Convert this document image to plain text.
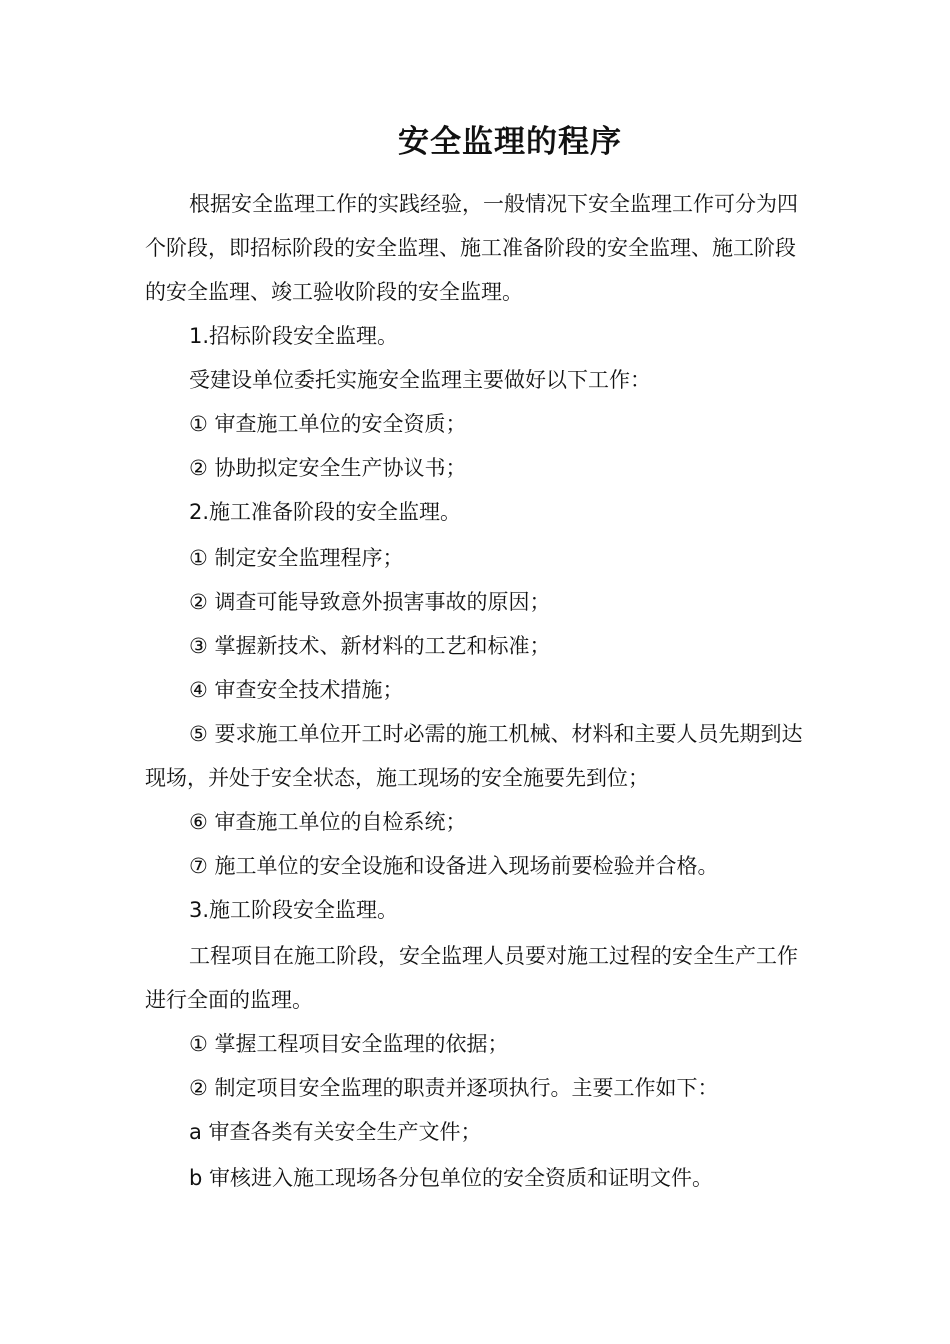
安全监理的程序

根据安全监理工作的实践经验，一般情况下安全监理工作可分为四个阶段，即招标阶段的安全监理、施工准备阶段的安全监理、施工阶段的安全监理、竣工验收阶段的安全监理。

1.招标阶段安全监理。

受建设单位委托实施安全监理主要做好以下工作：

① 审查施工单位的安全资质；

② 协助拟定安全生产协议书；

2.施工准备阶段的安全监理。

① 制定安全监理程序；

② 调查可能导致意外损害事故的原因；

③ 掌握新技术、新材料的工艺和标准；

④ 审查安全技术措施；

⑤ 要求施工单位开工时必需的施工机械、材料和主要人员先期到达现场，并处于安全状态，施工现场的安全施要先到位；

⑥ 审查施工单位的自检系统；

⑦ 施工单位的安全设施和设备进入现场前要检验并合格。

3.施工阶段安全监理。

工程项目在施工阶段，安全监理人员要对施工过程的安全生产工作进行全面的监理。

① 掌握工程项目安全监理的依据；

② 制定项目安全监理的职责并逐项执行。主要工作如下：

a 审查各类有关安全生产文件；

b 审核进入施工现场各分包单位的安全资质和证明文件。
